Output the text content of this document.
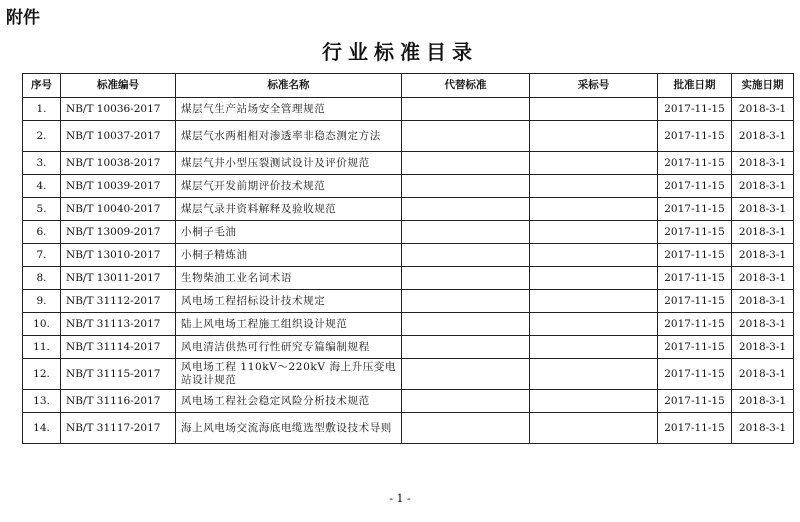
附件
行业标准目录
序号	标准编号	标准名称	代替标准	采标号	批准日期	实施日期
1.	NB/T 10036-2017	煤层气生产站场安全管理规范			2017-11-15	2018-3-1
2.	NB/T 10037-2017	煤层气水两相相对渗透率非稳态测定方法			2017-11-15	2018-3-1
3.	NB/T 10038-2017	煤层气井小型压裂测试设计及评价规范			2017-11-15	2018-3-1
4.	NB/T 10039-2017	煤层气开发前期评价技术规范			2017-11-15	2018-3-1
5.	NB/T 10040-2017	煤层气录井资料解释及验收规范			2017-11-15	2018-3-1
6.	NB/T 13009-2017	小桐子毛油			2017-11-15	2018-3-1
7.	NB/T 13010-2017	小桐子精炼油			2017-11-15	2018-3-1
8.	NB/T 13011-2017	生物柴油工业名词术语			2017-11-15	2018-3-1
9.	NB/T 31112-2017	风电场工程招标设计技术规定			2017-11-15	2018-3-1
10.	NB/T 31113-2017	陆上风电场工程施工组织设计规范			2017-11-15	2018-3-1
11.	NB/T 31114-2017	风电清洁供热可行性研究专篇编制规程			2017-11-15	2018-3-1
12.	NB/T 31115-2017	风电场工程 110kV～220kV 海上升压变电站设计规范			2017-11-15	2018-3-1
13.	NB/T 31116-2017	风电场工程社会稳定风险分析技术规范			2017-11-15	2018-3-1
14.	NB/T 31117-2017	海上风电场交流海底电缆选型敷设技术导则			2017-11-15	2018-3-1
- 1 -
